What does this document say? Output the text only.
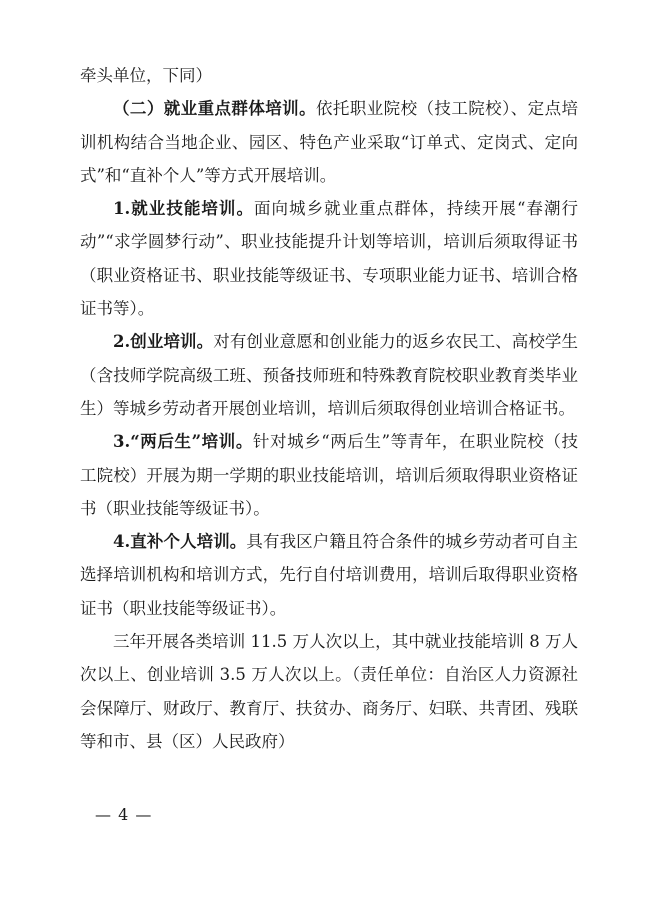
牵头单位，下同）

（二）就业重点群体培训。依托职业院校（技工院校）、定点培训机构结合当地企业、园区、特色产业采取“订单式、定岗式、定向式”和“直补个人”等方式开展培训。

1.就业技能培训。面向城乡就业重点群体，持续开展“春潮行动”“求学圆梦行动”、职业技能提升计划等培训，培训后须取得证书（职业资格证书、职业技能等级证书、专项职业能力证书、培训合格证书等）。

2.创业培训。对有创业意愿和创业能力的返乡农民工、高校学生（含技师学院高级工班、预备技师班和特殊教育院校职业教育类毕业生）等城乡劳动者开展创业培训，培训后须取得创业培训合格证书。

3.“两后生”培训。针对城乡“两后生”等青年，在职业院校（技工院校）开展为期一学期的职业技能培训，培训后须取得职业资格证书（职业技能等级证书）。

4.直补个人培训。具有我区户籍且符合条件的城乡劳动者可自主选择培训机构和培训方式，先行自付培训费用，培训后取得职业资格证书（职业技能等级证书）。

三年开展各类培训 11.5 万人次以上，其中就业技能培训 8 万人次以上、创业培训 3.5 万人次以上。（责任单位：自治区人力资源社会保障厅、财政厅、教育厅、扶贫办、商务厅、妇联、共青团、残联等和市、县（区）人民政府）

— 4 —
